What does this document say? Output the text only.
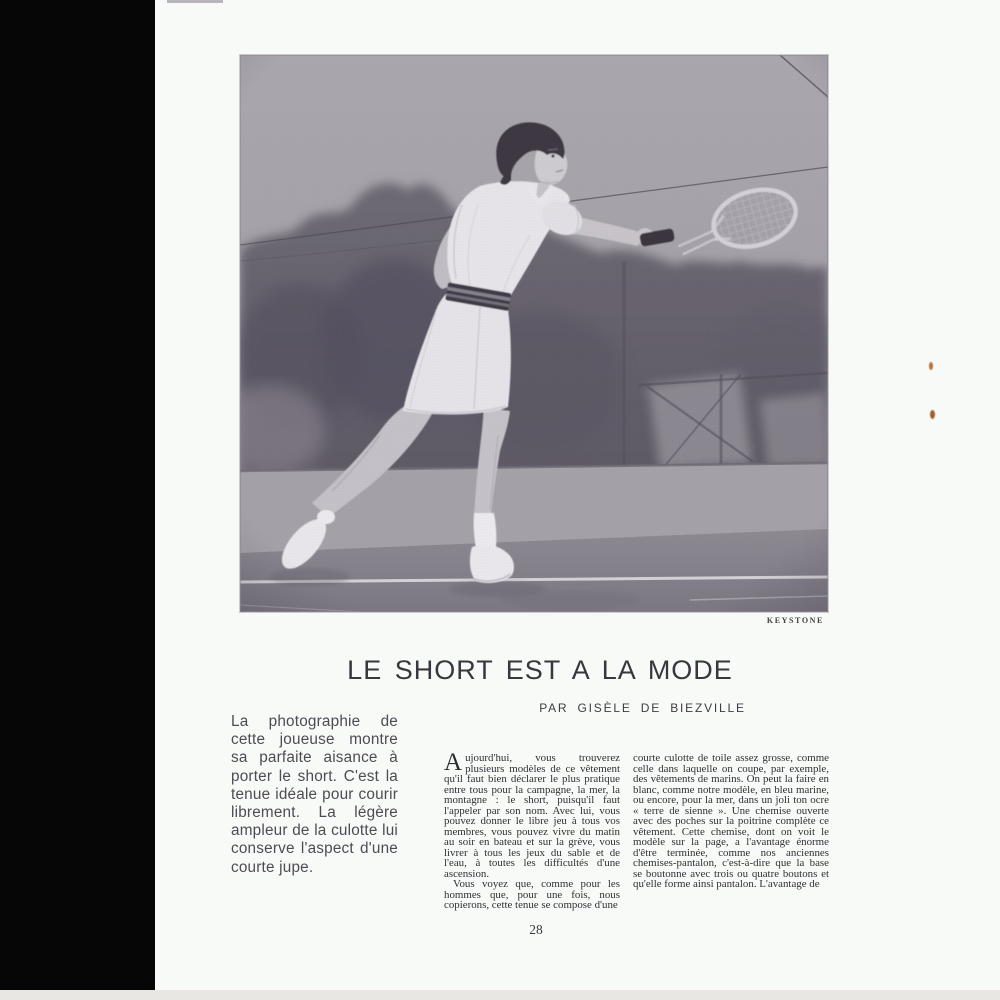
KEYSTONE
LE SHORT EST A LA MODE
PAR GISÈLE DE BIEZVILLE

La photographie de cette joueuse montre sa parfaite aisance à porter le short. C'est la tenue idéale pour courir librement. La légère ampleur de la culotte lui conserve l'aspect d'une courte jupe.

Aujourd'hui, vous trouverez plusieurs modèles de ce vêtement qu'il faut bien déclarer le plus pratique entre tous pour la campagne, la mer, la montagne : le short, puisqu'il faut l'appeler par son nom. Avec lui, vous pouvez donner le libre jeu à tous vos membres, vous pouvez vivre du matin au soir en bateau et sur la grève, vous livrer à tous les jeux du sable et de l'eau, à toutes les difficultés d'une ascension.

Vous voyez que, comme pour les hommes que, pour une fois, nous copierons, cette tenue se compose d'une

courte culotte de toile assez grosse, comme celle dans laquelle on coupe, par exemple, des vêtements de marins. On peut la faire en blanc, comme notre modèle, en bleu marine, ou encore, pour la mer, dans un joli ton ocre « terre de sienne ». Une chemise ouverte avec des poches sur la poitrine complète ce vêtement. Cette chemise, dont on voit le modèle sur la page, a l'avantage énorme d'être terminée, comme nos anciennes chemises-pantalon, c'est-à-dire que la base se boutonne avec trois ou quatre boutons et qu'elle forme ainsi pantalon. L'avantage de

28
